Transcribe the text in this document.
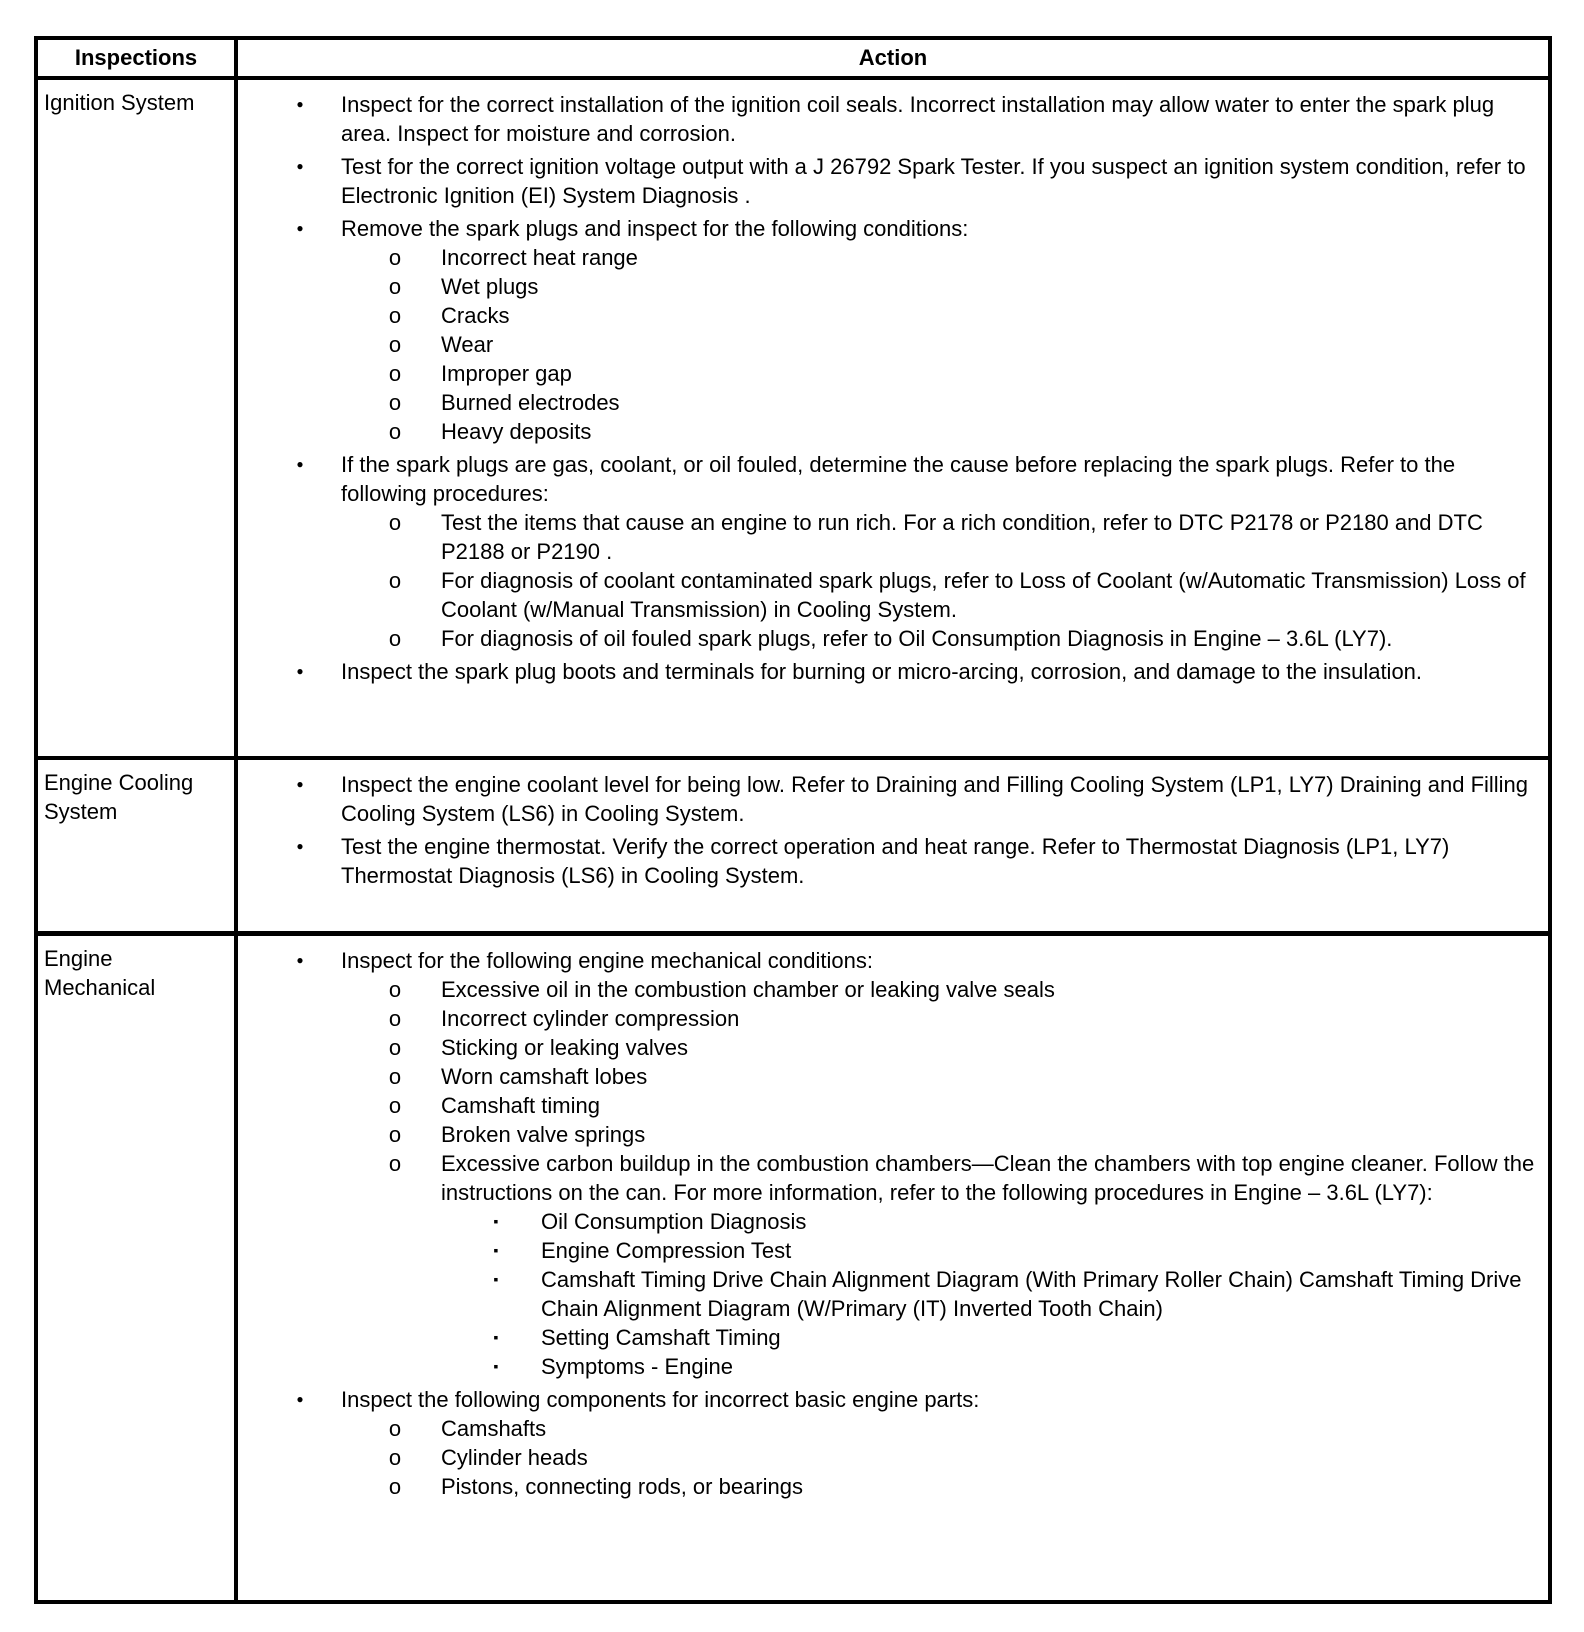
Inspections	Action
Ignition System	● Inspect for the correct installation of the ignition coil seals. Incorrect installation may allow water to enter the spark plug area. Inspect for moisture and corrosion.
● Test for the correct ignition voltage output with a J 26792 Spark Tester. If you suspect an ignition system condition, refer to Electronic Ignition (EI) System Diagnosis .
● Remove the spark plugs and inspect for the following conditions:
o Incorrect heat range
o Wet plugs
o Cracks
o Wear
o Improper gap
o Burned electrodes
o Heavy deposits
● If the spark plugs are gas, coolant, or oil fouled, determine the cause before replacing the spark plugs. Refer to the following procedures:
o Test the items that cause an engine to run rich. For a rich condition, refer to DTC P2178 or P2180 and DTC P2188 or P2190 .
o For diagnosis of coolant contaminated spark plugs, refer to Loss of Coolant (w/Automatic Transmission) Loss of Coolant (w/Manual Transmission) in Cooling System.
o For diagnosis of oil fouled spark plugs, refer to Oil Consumption Diagnosis in Engine – 3.6L (LY7).
● Inspect the spark plug boots and terminals for burning or micro-arcing, corrosion, and damage to the insulation.
Engine Cooling
System
● Inspect the engine coolant level for being low. Refer to Draining and Filling Cooling System (LP1, LY7) Draining and Filling Cooling System (LS6) in Cooling System.
● Test the engine thermostat. Verify the correct operation and heat range. Refer to Thermostat Diagnosis (LP1, LY7) Thermostat Diagnosis (LS6) in Cooling System.
Engine
Mechanical
● Inspect for the following engine mechanical conditions:
o Excessive oil in the combustion chamber or leaking valve seals
o Incorrect cylinder compression
o Sticking or leaking valves
o Worn camshaft lobes
o Camshaft timing
o Broken valve springs
o Excessive carbon buildup in the combustion chambers—Clean the chambers with top engine cleaner. Follow the instructions on the can. For more information, refer to the following procedures in Engine – 3.6L (LY7):
▪ Oil Consumption Diagnosis
▪ Engine Compression Test
▪ Camshaft Timing Drive Chain Alignment Diagram (With Primary Roller Chain) Camshaft Timing Drive Chain Alignment Diagram (W/Primary (IT) Inverted Tooth Chain)
▪ Setting Camshaft Timing
▪ Symptoms - Engine
● Inspect the following components for incorrect basic engine parts:
o Camshafts
o Cylinder heads
o Pistons, connecting rods, or bearings
